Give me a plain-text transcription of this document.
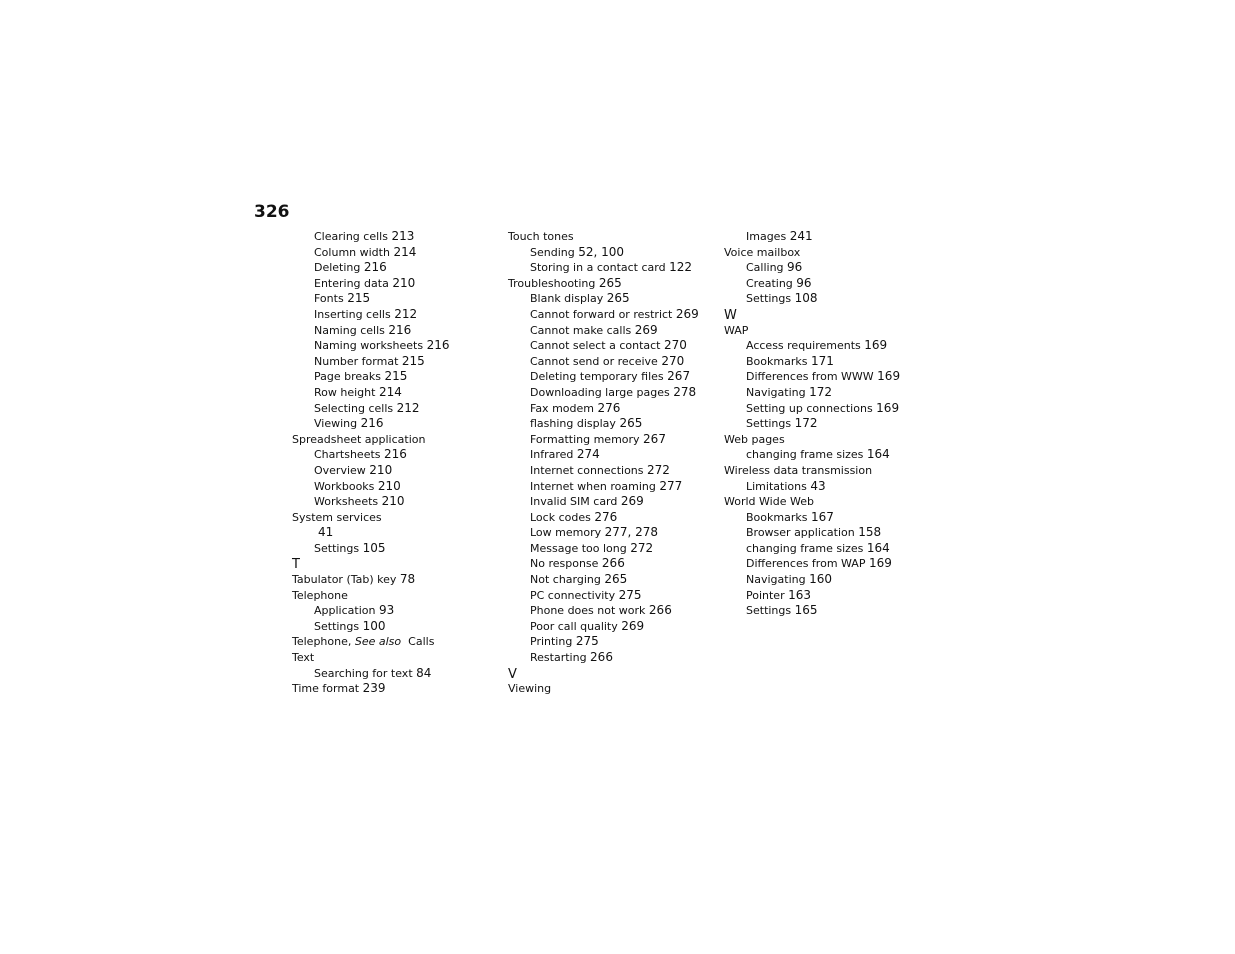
326
Clearing cells 213
Column width 214
Deleting 216
Entering data 210
Fonts 215
Inserting cells 212
Naming cells 216
Naming worksheets 216
Number format 215
Page breaks 215
Row height 214
Selecting cells 212
Viewing 216
Spreadsheet application
Chartsheets 216
Overview 210
Workbooks 210
Worksheets 210
System services
41
Settings 105
T
Tabulator (Tab) key 78
Telephone
Application 93
Settings 100
Telephone, See also Calls
Text
Searching for text 84
Time format 239
Touch tones
Sending 52, 100
Storing in a contact card 122
Troubleshooting 265
Blank display 265
Cannot forward or restrict 269
Cannot make calls 269
Cannot select a contact 270
Cannot send or receive 270
Deleting temporary files 267
Downloading large pages 278
Fax modem 276
flashing display 265
Formatting memory 267
Infrared 274
Internet connections 272
Internet when roaming 277
Invalid SIM card 269
Lock codes 276
Low memory 277, 278
Message too long 272
No response 266
Not charging 265
PC connectivity 275
Phone does not work 266
Poor call quality 269
Printing 275
Restarting 266
V
Viewing
Images 241
Voice mailbox
Calling 96
Creating 96
Settings 108
W
WAP
Access requirements 169
Bookmarks 171
Differences from WWW 169
Navigating 172
Setting up connections 169
Settings 172
Web pages
changing frame sizes 164
Wireless data transmission
Limitations 43
World Wide Web
Bookmarks 167
Browser application 158
changing frame sizes 164
Differences from WAP 169
Navigating 160
Pointer 163
Settings 165
